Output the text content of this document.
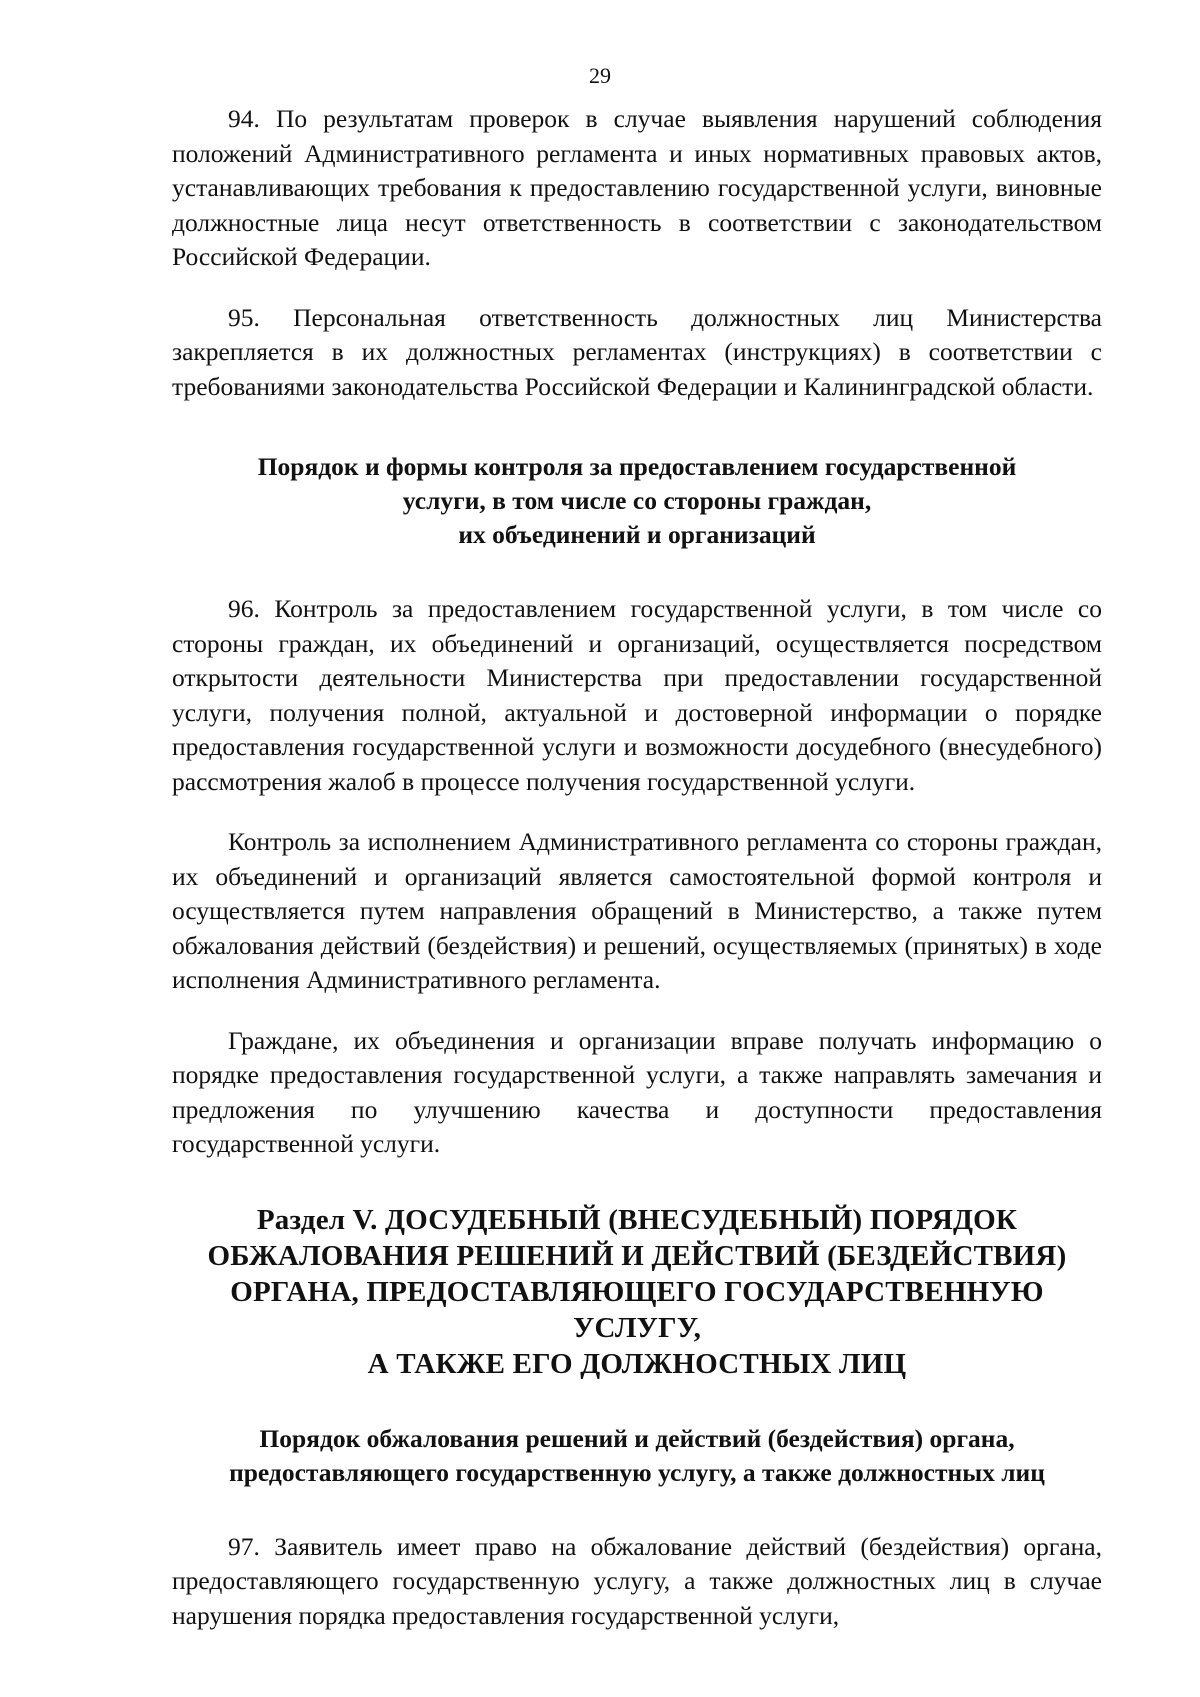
29

94. По результатам проверок в случае выявления нарушений соблюдения положений Административного регламента и иных нормативных правовых актов, устанавливающих требования к предоставлению государственной услуги, виновные должностные лица несут ответственность в соответствии с законодательством Российской Федерации.

95. Персональная ответственность должностных лиц Министерства закрепляется в их должностных регламентах (инструкциях) в соответствии с требованиями законодательства Российской Федерации и Калининградской области.

Порядок и формы контроля за предоставлением государственной
услуги, в том числе со стороны граждан,
их объединений и организаций

96. Контроль за предоставлением государственной услуги, в том числе со стороны граждан, их объединений и организаций, осуществляется посредством открытости деятельности Министерства при предоставлении государственной услуги, получения полной, актуальной и достоверной информации о порядке предоставления государственной услуги и возможности досудебного (внесудебного) рассмотрения жалоб в процессе получения государственной услуги.

Контроль за исполнением Административного регламента со стороны граждан, их объединений и организаций является самостоятельной формой контроля и осуществляется путем направления обращений в Министерство, а также путем обжалования действий (бездействия) и решений, осуществляемых (принятых) в ходе исполнения Административного регламента.

Граждане, их объединения и организации вправе получать информацию о порядке предоставления государственной услуги, а также направлять замечания и предложения по улучшению качества и доступности предоставления государственной услуги.

Раздел V. ДОСУДЕБНЫЙ (ВНЕСУДЕБНЫЙ) ПОРЯДОК
ОБЖАЛОВАНИЯ РЕШЕНИЙ И ДЕЙСТВИЙ (БЕЗДЕЙСТВИЯ)
ОРГАНА, ПРЕДОСТАВЛЯЮЩЕГО ГОСУДАРСТВЕННУЮ УСЛУГУ,
А ТАКЖЕ ЕГО ДОЛЖНОСТНЫХ ЛИЦ
Порядок обжалования решений и действий (бездействия) органа,
предоставляющего государственную услугу, а также должностных лиц

97. Заявитель имеет право на обжалование действий (бездействия) органа, предоставляющего государственную услугу, а также должностных лиц в случае нарушения порядка предоставления государственной услуги,
